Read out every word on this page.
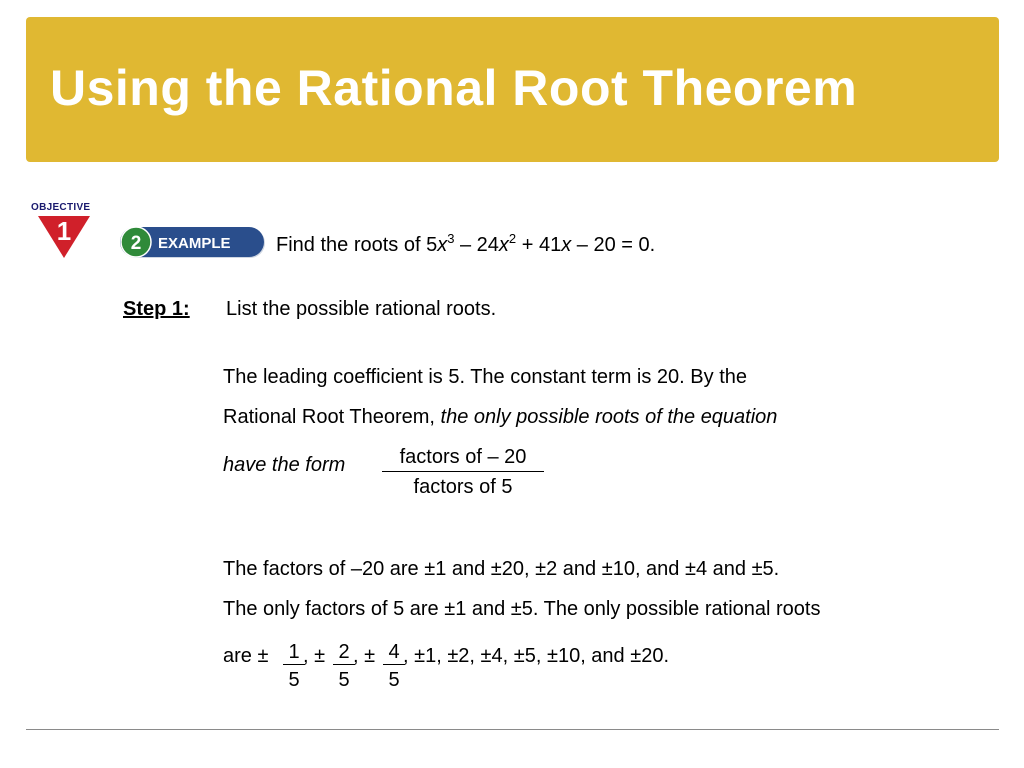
Using the Rational Root Theorem
OBJECTIVE
1	2 EXAMPLE Find the roots of $5x^3 - 24x^2 + 41x - 20 = 0$.
Step 1: List the possible rational roots.
The leading coefficient is 5. The constant term is 20. By the
Rational Root Theorem, the only possible roots of the equation
have the form	factors of – 20
factors of 5
The factors of –20 are ±1 and ±20, ±2 and ±10, and ±4 and ±5.
The only factors of 5 are ±1 and ±5. The only possible rational roots
are ± $\frac{1}{5}$
, ± $\frac{2}{5}$
, ± $\frac{4}{5}$
, ±1, ±2, ±4, ±5, ±10, and ±20.
